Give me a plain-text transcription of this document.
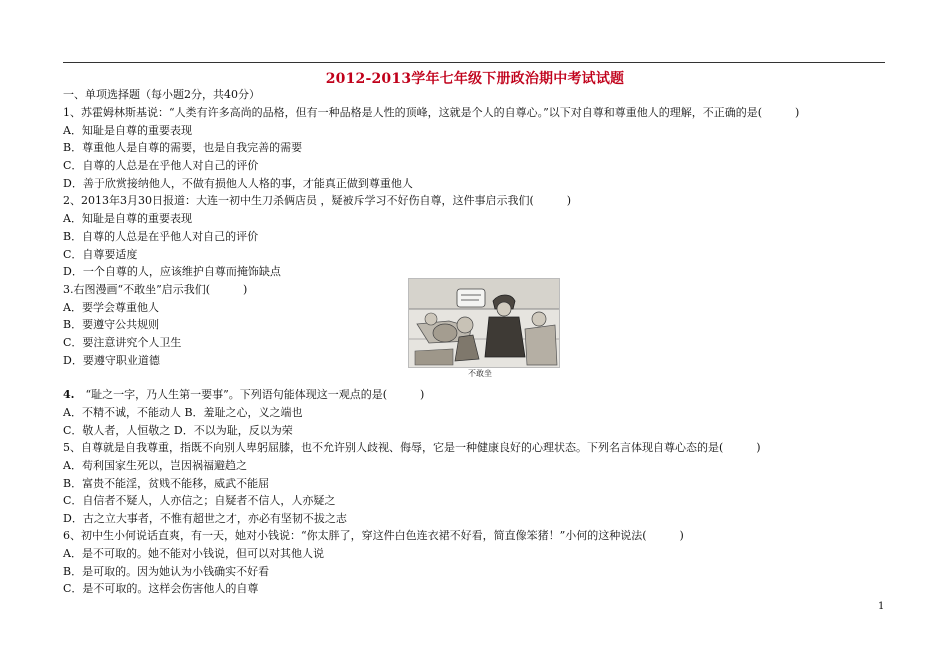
2012-2013学年七年级下册政治期中考试试题
一、单项选择题（每小题2分，共40分）
1、苏霍姆林斯基说：“人类有许多高尚的品格，但有一种品格是人性的顶峰，这就是个人的自尊心。”以下对自尊和尊重他人的理解，不正确的是(　　　)
A．知耻是自尊的重要表现
B．尊重他人是自尊的需要，也是自我完善的需要
C．自尊的人总是在乎他人对自己的评价
D．善于欣赏接纳他人，不做有损他人人格的事，才能真正做到尊重他人
2、2013年3月30日报道：大连一初中生刀杀俩店员 ，疑被斥学习不好伤自尊，这件事启示我们(　　　)
A．知耻是自尊的重要表现
B．自尊的人总是在乎他人对自己的评价
C．自尊要适度
D．一个自尊的人，应该维护自尊而掩饰缺点
3.右图漫画“不敢坐”启示我们(　　　)
A．要学会尊重他人
B．要遵守公共规则
C．要注意讲究个人卫生
D．要遵守职业道德
不敢坐
4.　“耻之一字，乃人生第一要事”。下列语句能体现这一观点的是(　　　)
A．不精不诚，不能动人 B．羞耻之心，义之端也
C．敬人者，人恒敬之 D．不以为耻，反以为荣
5、自尊就是自我尊重，指既不向别人卑躬屈膝，也不允许别人歧视、侮辱，它是一种健康良好的心理状态。下列名言体现自尊心态的是(　　　)
A．苟利国家生死以，岂因祸福避趋之
B．富贵不能淫，贫贱不能移，威武不能屈
C．自信者不疑人，人亦信之；自疑者不信人，人亦疑之
D．古之立大事者，不惟有超世之才，亦必有坚韧不拔之志
6、初中生小何说话直爽，有一天，她对小钱说：“你太胖了，穿这件白色连衣裙不好看，简直像笨猪！”小何的这种说法(　　　)
A．是不可取的。她不能对小钱说，但可以对其他人说
B．是可取的。因为她认为小钱确实不好看
C．是不可取的。这样会伤害他人的自尊
1
